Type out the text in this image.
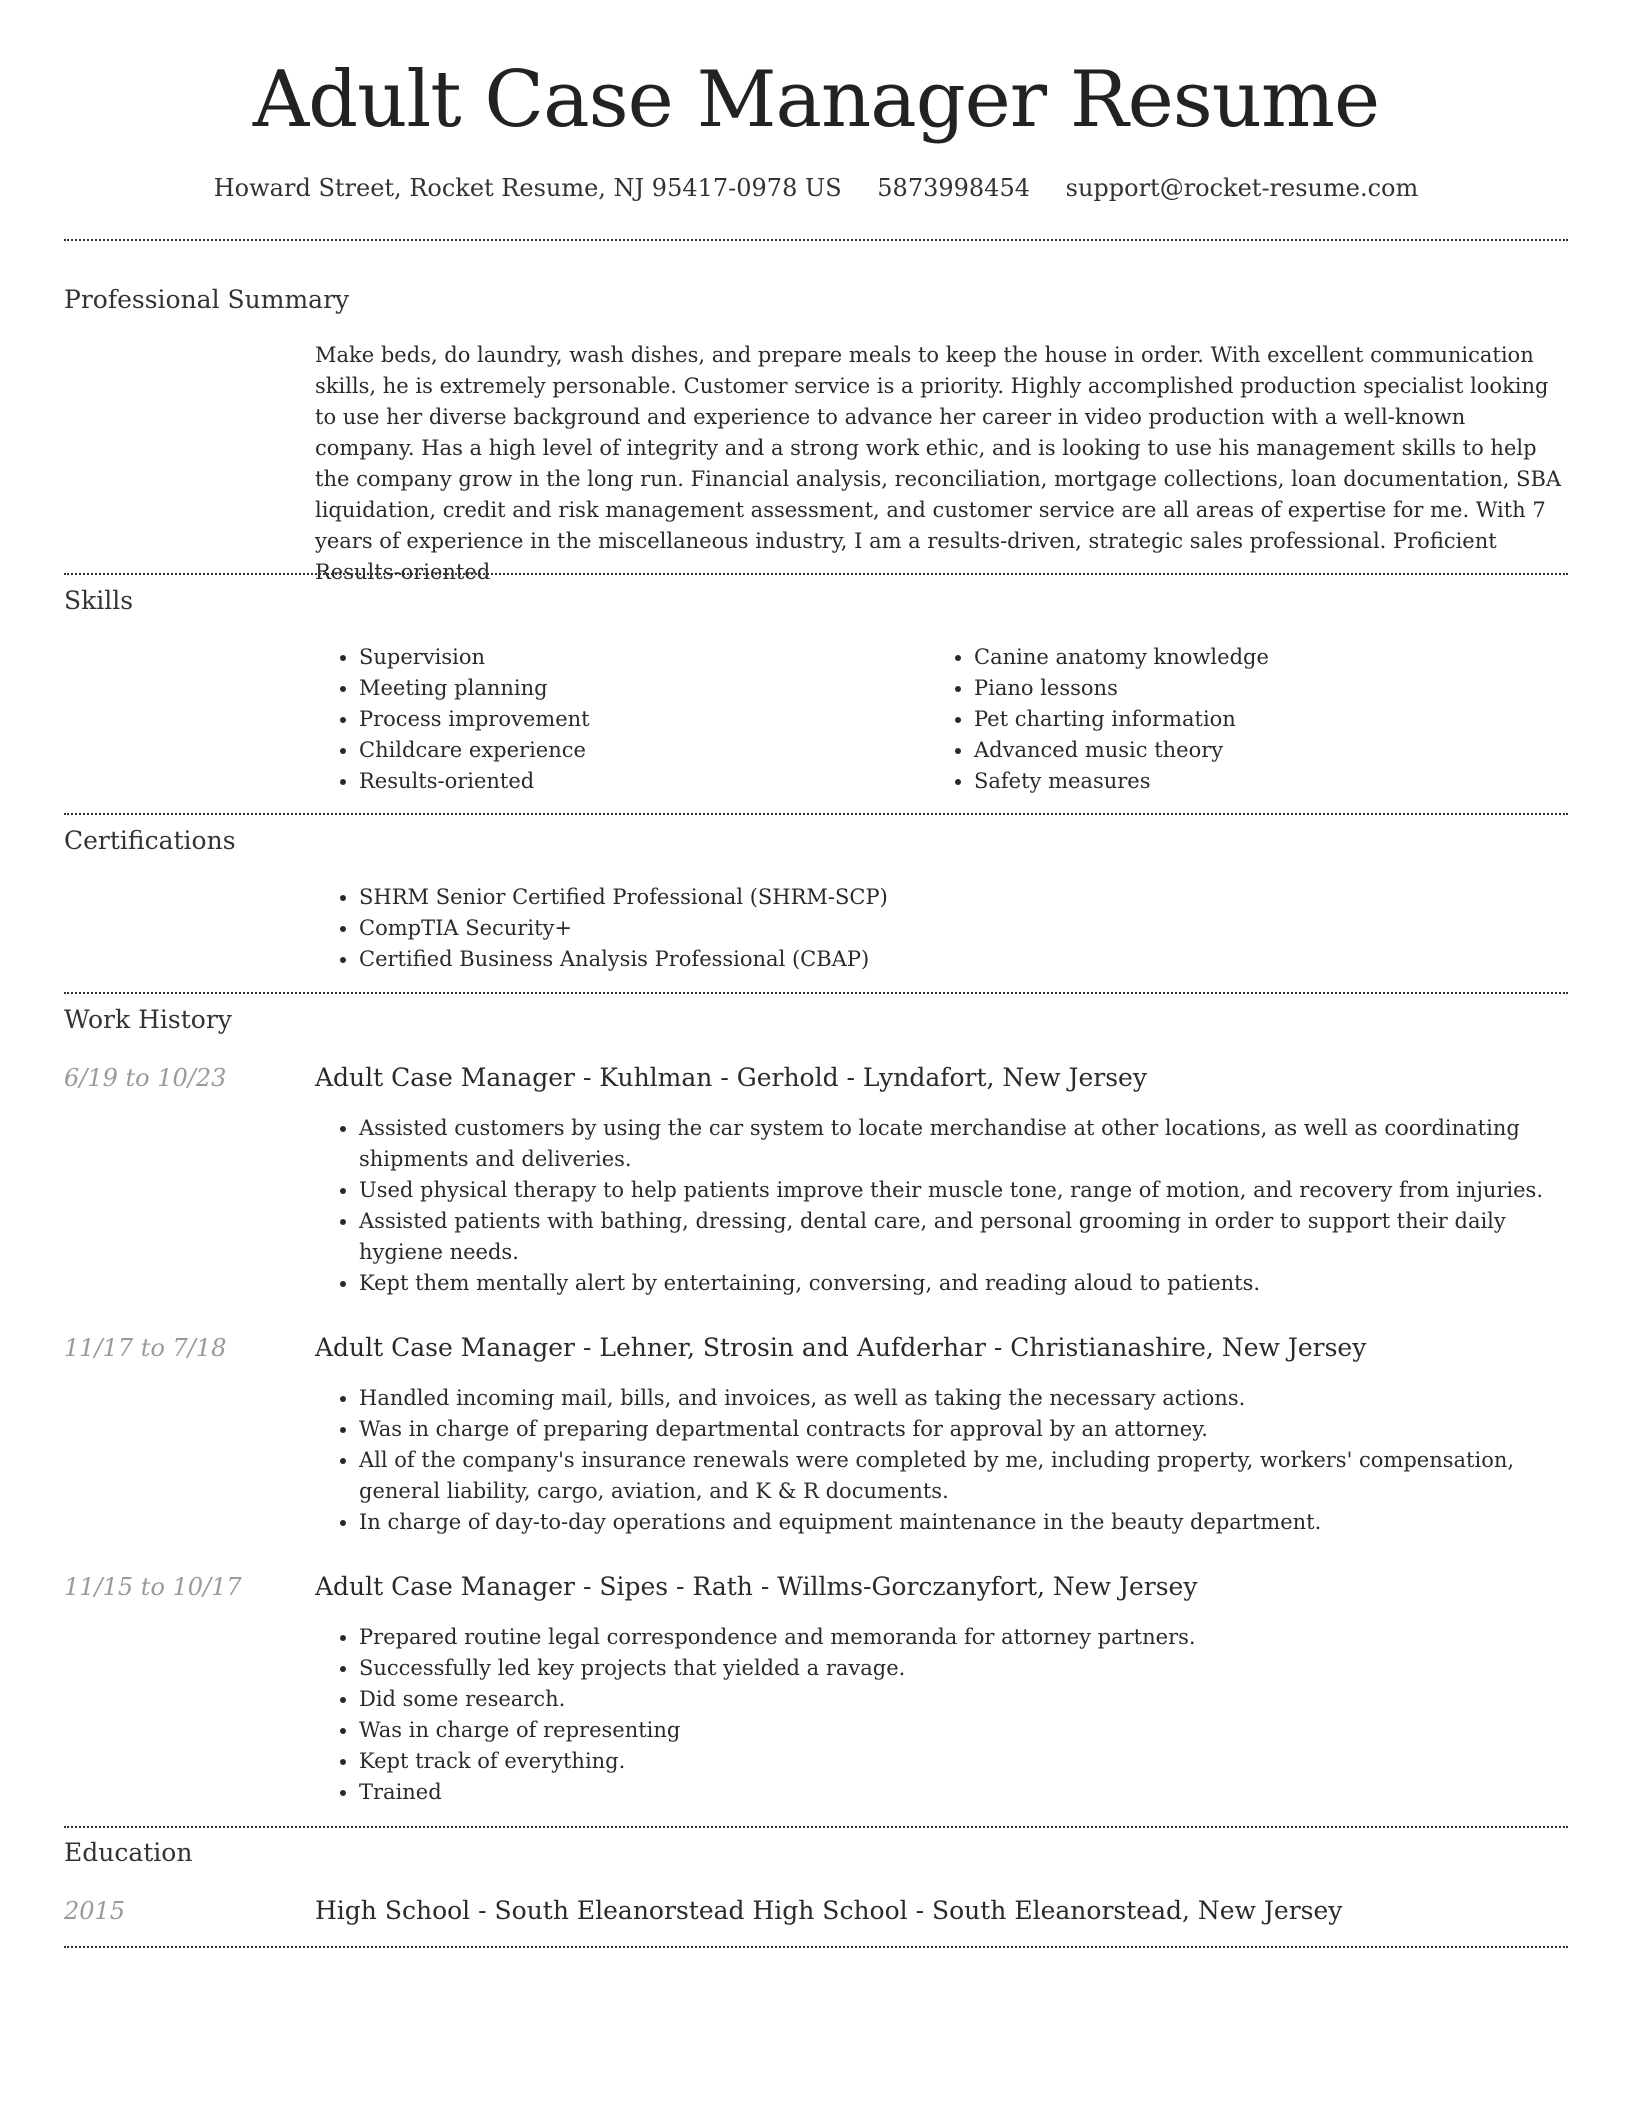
Adult Case Manager Resume
Howard Street, Rocket Resume, NJ 95417-0978 US 5873998454 support@rocket-resume.com
Professional Summary
Make beds, do laundry, wash dishes, and prepare meals to keep the house in order. With excellent communication skills, he is extremely personable. Customer service is a priority. Highly accomplished production specialist looking to use her diverse background and experience to advance her career in video production with a well-known company. Has a high level of integrity and a strong work ethic, and is looking to use his management skills to help the company grow in the long run. Financial analysis, reconciliation, mortgage collections, loan documentation, SBA liquidation, credit and risk management assessment, and customer service are all areas of expertise for me. With 7 years of experience in the miscellaneous industry, I am a results-driven, strategic sales professional. Proficient Results-oriented
Skills
• Supervision
• Meeting planning
• Process improvement
• Childcare experience
• Results-oriented
• Canine anatomy knowledge
• Piano lessons
• Pet charting information
• Advanced music theory
• Safety measures
Certifications
• SHRM Senior Certified Professional (SHRM-SCP)
• CompTIA Security+
• Certified Business Analysis Professional (CBAP)
Work History
6/19 to 10/23	Adult Case Manager - Kuhlman - Gerhold - Lyndafort, New Jersey
• Assisted customers by using the car system to locate merchandise at other locations, as well as coordinating shipments and deliveries.
• Used physical therapy to help patients improve their muscle tone, range of motion, and recovery from injuries.
• Assisted patients with bathing, dressing, dental care, and personal grooming in order to support their daily hygiene needs.
• Kept them mentally alert by entertaining, conversing, and reading aloud to patients.
11/17 to 7/18	Adult Case Manager - Lehner, Strosin and Aufderhar - Christianashire, New Jersey
• Handled incoming mail, bills, and invoices, as well as taking the necessary actions.
• Was in charge of preparing departmental contracts for approval by an attorney.
• All of the company's insurance renewals were completed by me, including property, workers' compensation, general liability, cargo, aviation, and K & R documents.
• In charge of day-to-day operations and equipment maintenance in the beauty department.
11/15 to 10/17	Adult Case Manager - Sipes - Rath - Willms-Gorczanyfort, New Jersey
• Prepared routine legal correspondence and memoranda for attorney partners.
• Successfully led key projects that yielded a ravage.
• Did some research.
• Was in charge of representing
• Kept track of everything.
• Trained
Education
2015	High School - South Eleanorstead High School - South Eleanorstead, New Jersey
